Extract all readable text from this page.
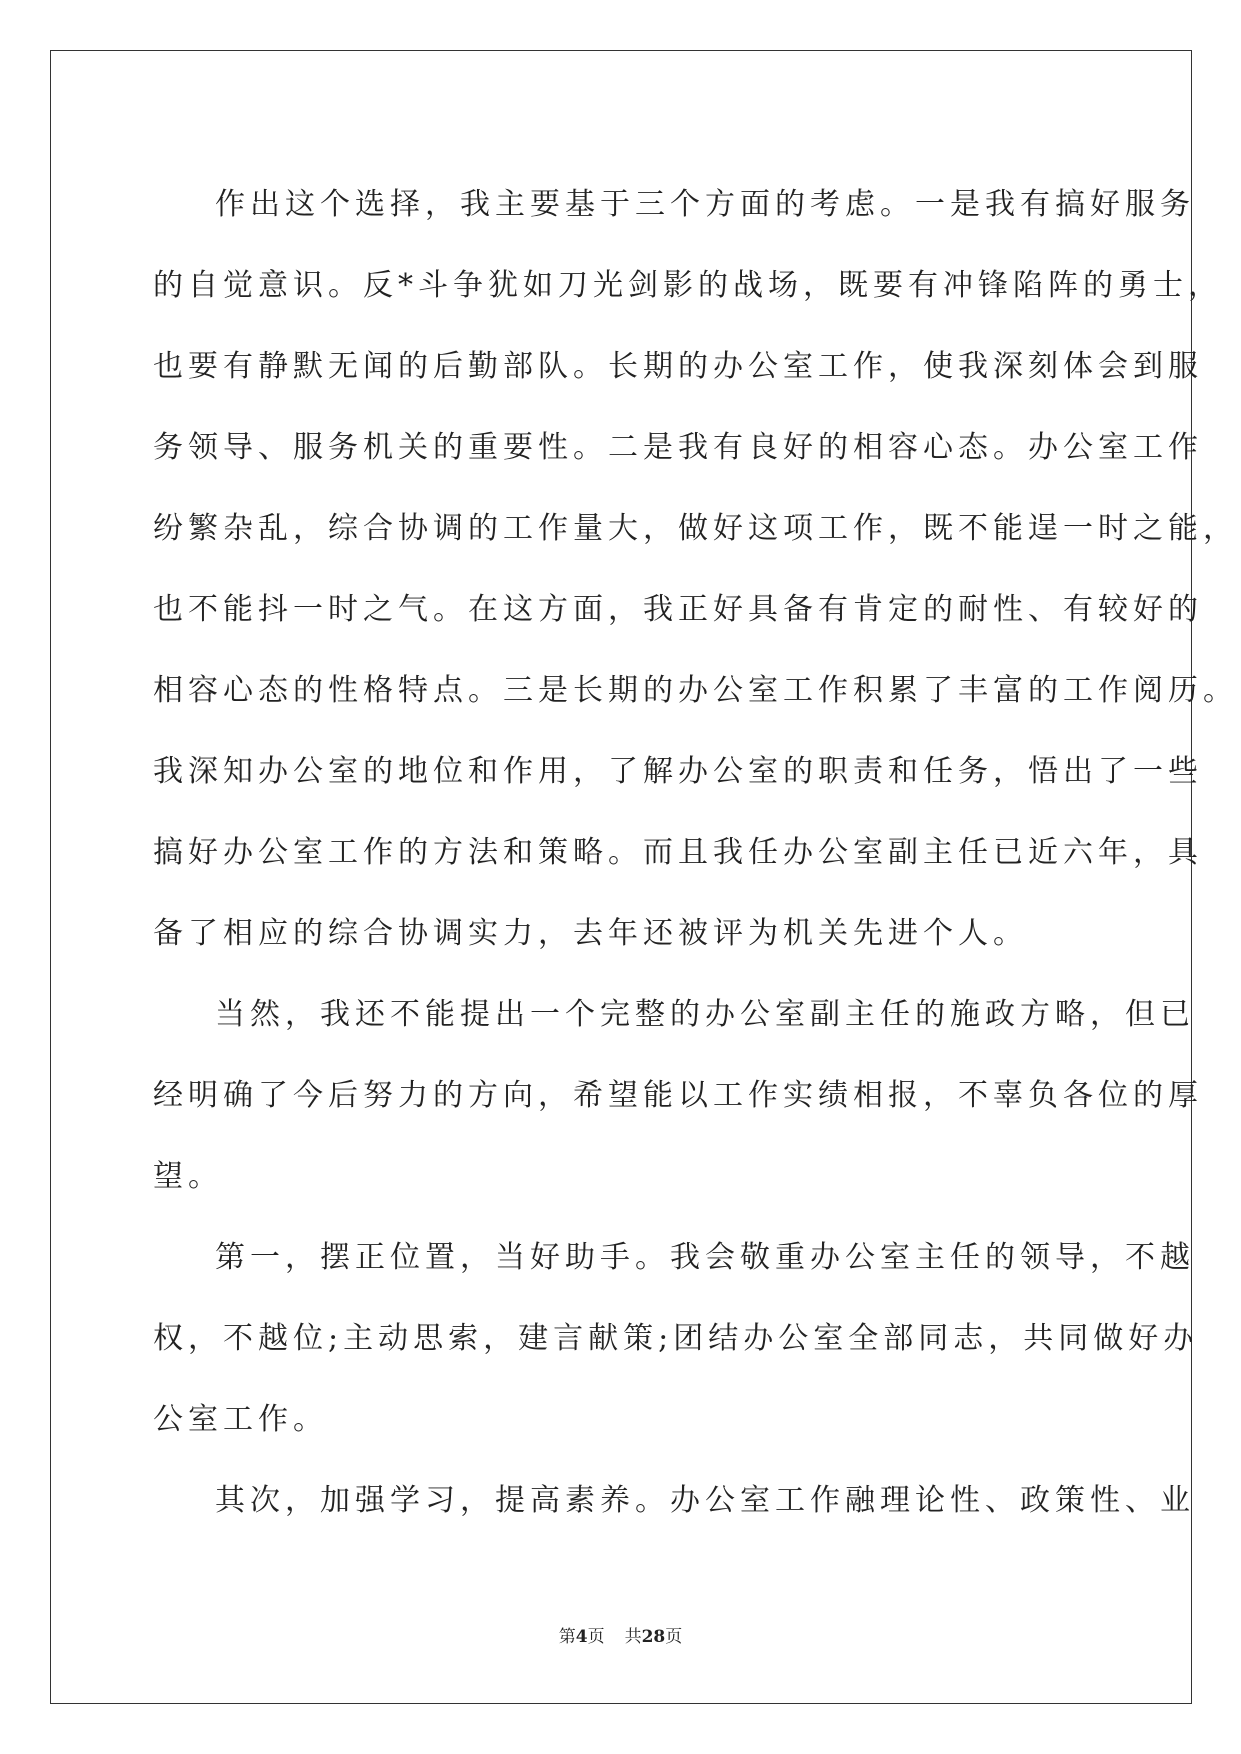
作出这个选择，我主要基于三个方面的考虑。一是我有搞好服务
的自觉意识。反*斗争犹如刀光剑影的战场，既要有冲锋陷阵的勇士，
也要有静默无闻的后勤部队。长期的办公室工作，使我深刻体会到服
务领导、服务机关的重要性。二是我有良好的相容心态。办公室工作
纷繁杂乱，综合协调的工作量大，做好这项工作，既不能逞一时之能，
也不能抖一时之气。在这方面，我正好具备有肯定的耐性、有较好的
相容心态的性格特点。三是长期的办公室工作积累了丰富的工作阅历。
我深知办公室的地位和作用，了解办公室的职责和任务，悟出了一些
搞好办公室工作的方法和策略。而且我任办公室副主任已近六年，具
备了相应的综合协调实力，去年还被评为机关先进个人。
当然，我还不能提出一个完整的办公室副主任的施政方略，但已
经明确了今后努力的方向，希望能以工作实绩相报，不辜负各位的厚
望。
第一，摆正位置，当好助手。我会敬重办公室主任的领导，不越
权，不越位;主动思索，建言献策;团结办公室全部同志，共同做好办
公室工作。
其次，加强学习，提高素养。办公室工作融理论性、政策性、业
第4页 共28页
